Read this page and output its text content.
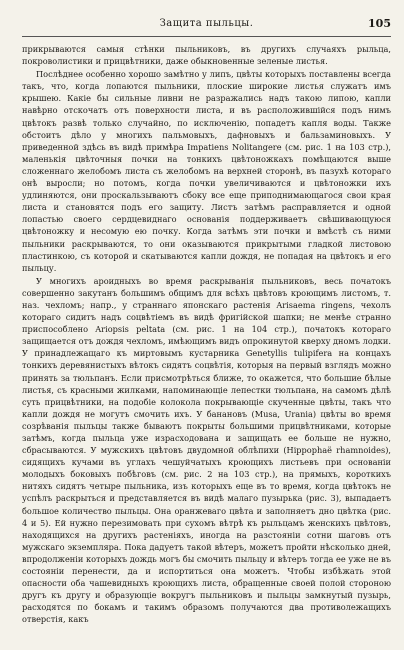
Защита пыльцы.	105

прикрываются самыя стѣнки пыльниковъ, въ другихъ случаяхъ рыльца, покроволистики и прицвѣтники, даже обыкновенные зеленые листья.

Послѣднее особенно хорошо замѣтно у липъ, цвѣты которыхъ поставлены всегда такъ, что, когда лопаются пыльники, плоские широкие листья служатъ имъ крышею. Какіе бы сильные ливни не разражались надъ такою липою, капли навѣрно отскочатъ отъ поверхности листа, и въ расположившійся подъ нимъ цвѣтокъ развѣ только случайно, по исключенію, попадетъ капля воды. Также обстоитъ дѣло у многихъ пальмовыхъ, дафновыхъ и бальзаминовыхъ. У приведенной здѣсь въ видѣ примѣра Impatiens Nolitangere (см. рис. 1 на 103 стр.), маленькія цвѣточныя почки на тонкихъ цвѣтоножкахъ помѣщаются выше сложеннаго желобомъ листа съ желобомъ на верхней сторонѣ, въ пазухѣ котораго онѣ выросли; но потомъ, когда почки увеличиваются и цвѣтоножки ихъ удлиняются, они проскальзываютъ сбоку все еще приподнимающагося свои края листа и становятся подъ его защиту. Листъ затѣмъ расправляется и одной лопастью своего сердцевиднаго основанія поддерживаетъ свѣшивающуюся цвѣтоножку и несомую ею почку. Когда затѣмъ эти почки и вмѣстѣ съ ними пыльники раскрываются, то они оказываются прикрытыми гладкой листовою пластинкою, съ которой и скатываются капли дождя, не попадая на цвѣтокъ и его пыльцу.

У многихъ ароидныхъ во время раскрыванія пыльниковъ, весь початокъ совершенно закутанъ большимъ общимъ для всѣхъ цвѣтовъ кроющимъ листомъ, т. наз. чехломъ; напр., у страннаго японскаго растенія Arisaema ringens, чехолъ котораго сидитъ надъ соцвѣтіемъ въ видѣ фригійской шапки; не менѣе странно приспособлено Ariopsis peltata (см. рис. 1 на 104 стр.), початокъ котораго защищается отъ дождя чехломъ, имѣющимъ видъ опрокинутой кверху дномъ лодки. У принадлежащаго къ миртовымъ кустарника Genetyllis tulipifera на концахъ тонкихъ деревянистыхъ вѣтокъ сидятъ соцвѣтія, которыя на первый взглядъ можно принять за тюльпанъ. Если присмотрѣться ближе, то окажется, что большие бѣлые листья, съ красными жилками, напоминающіе лепестки тюльпана, на самомъ дѣлѣ суть прицвѣтники, на подобіе колокола покрывающіе скученные цвѣты, такъ что капли дождя не могутъ смочить ихъ. У банановъ (Musa, Urania) цвѣты во время созрѣванія пыльцы также бываютъ покрыты большими прицвѣтниками, которые затѣмъ, когда пыльца уже израсходована и защищать ее больше не нужно, сбрасываются. У мужскихъ цвѣтовъ двудомной облѣпихи (Hippophaë rhamnoides), сидящихъ кучами въ углахъ чешуйчатыхъ кроющихъ листьевъ при основаніи молодыхъ боковыхъ побѣговъ (см. рис. 2 на 103 стр.), на прямыхъ, короткихъ нитяхъ сидятъ четыре пыльника, изъ которыхъ еще въ то время, когда цвѣтокъ не успѣлъ раскрыться и представляется въ видѣ малаго пузырька (рис. 3), выпадаетъ большое количество пыльцы. Она оранжеваго цвѣта и заполняетъ дно цвѣтка (рис. 4 и 5). Ей нужно перезимовать при сухомъ вѣтрѣ къ рыльцамъ женскихъ цвѣтовъ, находящихся на другихъ растеніяхъ, иногда на разстояніи сотни шаговъ отъ мужскаго экземпляра. Пока дадуетъ такой вѣтеръ, можетъ пройти нѣсколько дней, впродолженіи которыхъ дождь могъ бы смочить пыльцу и вѣтеръ тогда ее уже не въ состояніи перенести, да и испортиться она можетъ. Чтобы избѣжать этой опасности оба чашевидныхъ кроющихъ листа, обращенные своей полой стороною другъ къ другу и образующіе вокругъ пыльниковъ и пыльцы замкнутый пузырь, расходятся по бокамъ и такимъ образомъ получаются два противолежащихъ отверстія, какъ
